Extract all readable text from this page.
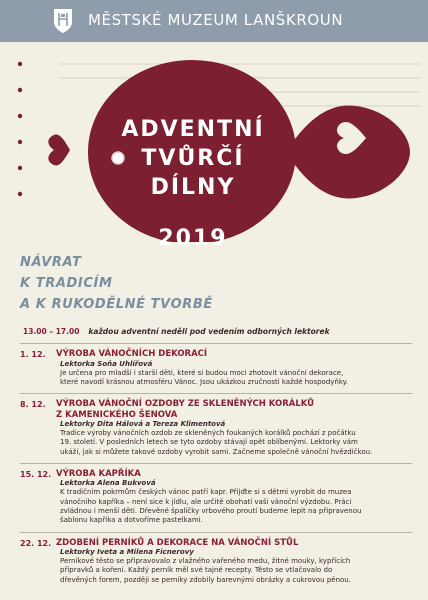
MĚSTSKÉ MUZEUM LANŠKROUN
ADVENTNÍ
TVŮRČÍ
DÍLNY
2019
NÁVRAT
K TRADICÍM
A K RUKODĚLNÉ TVORBĚ
13.00 – 17.00 každou adventní neděli pod vedením odborných lektorek
1. 12.	VÝROBA VÁNOČNÍCH DEKORACÍ
Lektorka Soňa Uhlířová
Je určena pro mladší i starší děti, které si budou moci zhotovit vánoční dekorace,
které navodí krásnou atmosféru Vánoc. Jsou ukázkou zručnosti každé hospodyňky.
8. 12.	VÝROBA VÁNOČNÍ OZDOBY ZE SKLENĚNÝCH KORÁLKŮ
Z KAMENICKÉHO ŠENOVA
Lektorky Dita Hálová a Tereza Klimentová
Tradice výroby vánočních ozdob ze skleněných foukaných korálků pochází z počátku
19. století. V posledních letech se tyto ozdoby stávají opět oblíbenými. Lektorky vám
ukáží, jak si můžete takové ozdoby vyrobit sami. Začneme společně vánoční hvězdičkou.
15. 12. VÝROBA KAPŘÍKA
Lektorka Alena Bukvová
K tradičním pokrmům českých vánoc patří kapr. Přijďte si s dětmi vyrobit do muzea
vánočního kapříka – není sice k jídlu, ale určitě obohatí vaši vánoční výzdobu. Práci
zvládnou i menší děti. Dřevěné špalíčky vrbového proutí budeme lepit na připravenou
šablonu kapříka a dotvoříme pastelkami.
22. 12. ZDOBENÍ PERNÍKŮ A DEKORACE NA VÁNOČNÍ STŮL
Lektorky Iveta a Milena Ficnerovy
Perníkové těsto se připravovalo z vlažného vařeného medu, žitné mouky, kypřících
přípravků a koření. Každý perník měl své tajné recepty. Těsto se vtlačovalo do
dřevěných forem, později se perníky zdobily barevnými obrázky a cukrovou pěnou.
